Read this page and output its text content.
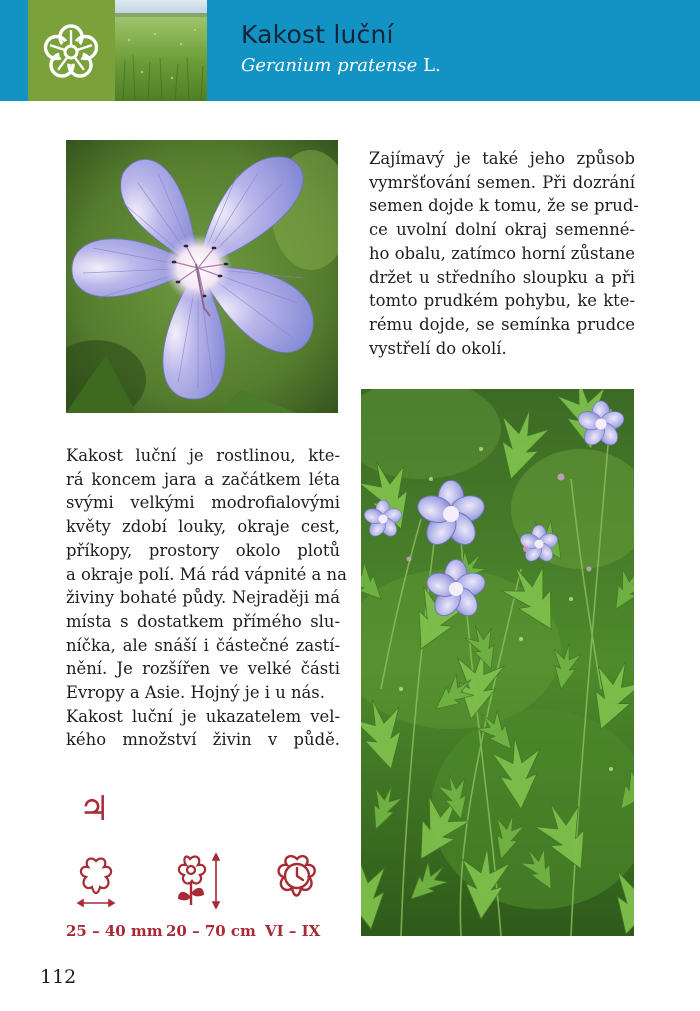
Kakost luční
Geranium pratense L.
Zajímavý je také jeho způsob
vymršťování semen. Při dozrání
semen dojde k tomu, že se prud-
ce uvolní dolní okraj semenné-
ho obalu, zatímco horní zůstane
držet u středního sloupku a při
tomto prudkém pohybu, ke kte-
rému dojde, se semínka prudce
vystřelí do okolí.
Kakost luční je rostlinou, kte-
rá koncem jara a začátkem léta
svými velkými modrofialovými
květy zdobí louky, okraje cest,
příkopy, prostory okolo plotů
a okraje polí. Má rád vápnité a na
živiny bohaté půdy. Nejraději má
místa s dostatkem přímého slu-
níčka, ale snáší i částečné zastí-
nění. Je rozšířen ve velké části
Evropy a Asie. Hojný je i u nás.
Kakost luční je ukazatelem vel-
kého množství živin v půdě.
♃
25 – 40 mm 20 – 70 cm VI – IX
112
